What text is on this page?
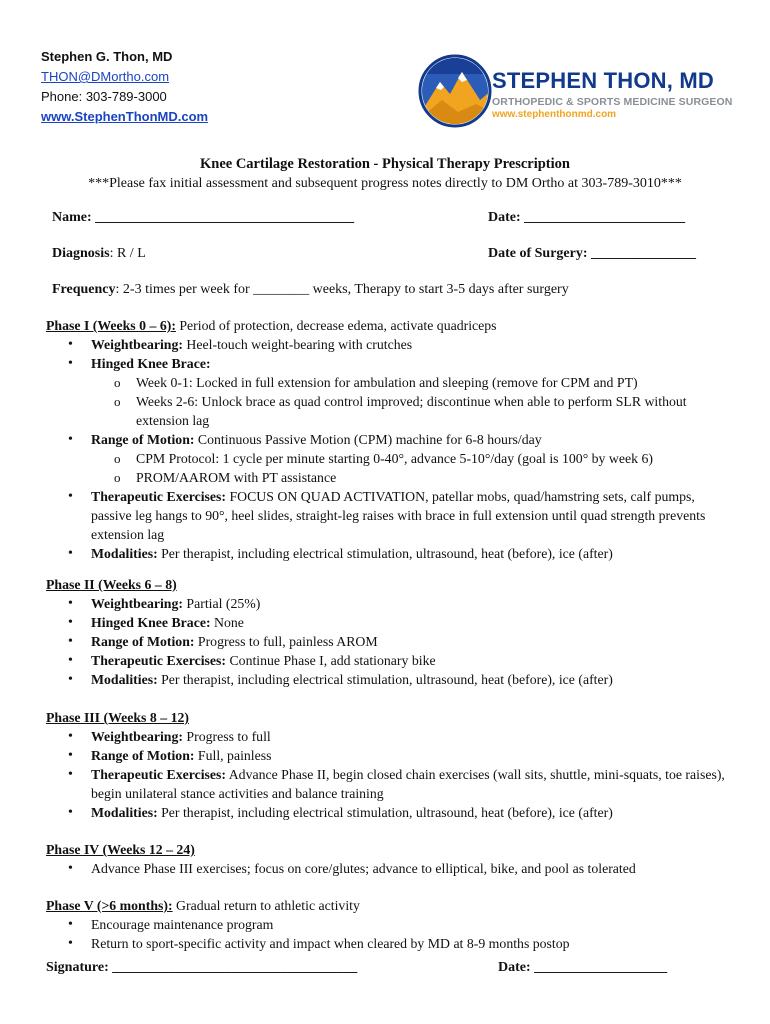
Stephen G. Thon, MD
THON@DMortho.com
Phone: 303-789-3000
www.StephenThonMD.com
STEPHEN THON, MD
ORTHOPEDIC & SPORTS MEDICINE SURGEON
www.stephenthonmd.com
Knee Cartilage Restoration - Physical Therapy Prescription
***Please fax initial assessment and subsequent progress notes directly to DM Ortho at 303-789-3010***
Name: _____________________________________	Date: _______________________
Diagnosis: R / L	Date of Surgery: _______________
Frequency: 2-3 times per week for ________ weeks, Therapy to start 3-5 days after surgery
Phase I (Weeks 0 – 6): Period of protection, decrease edema, activate quadriceps
• Weightbearing: Heel-touch weight-bearing with crutches
• Hinged Knee Brace:
o Week 0-1: Locked in full extension for ambulation and sleeping (remove for CPM and PT)
o Weeks 2-6: Unlock brace as quad control improved; discontinue when able to perform SLR without extension lag
• Range of Motion: Continuous Passive Motion (CPM) machine for 6-8 hours/day
o CPM Protocol: 1 cycle per minute starting 0-40°, advance 5-10°/day (goal is 100° by week 6)
o PROM/AAROM with PT assistance
• Therapeutic Exercises: FOCUS ON QUAD ACTIVATION, patellar mobs, quad/hamstring sets, calf pumps, passive leg hangs to 90°, heel slides, straight-leg raises with brace in full extension until quad strength prevents extension lag
• Modalities: Per therapist, including electrical stimulation, ultrasound, heat (before), ice (after)
Phase II (Weeks 6 – 8)
• Weightbearing: Partial (25%)
• Hinged Knee Brace: None
• Range of Motion: Progress to full, painless AROM
• Therapeutic Exercises: Continue Phase I, add stationary bike
• Modalities: Per therapist, including electrical stimulation, ultrasound, heat (before), ice (after)
Phase III (Weeks 8 – 12)
• Weightbearing: Progress to full
• Range of Motion: Full, painless
• Therapeutic Exercises: Advance Phase II, begin closed chain exercises (wall sits, shuttle, mini-squats, toe raises), begin unilateral stance activities and balance training
• Modalities: Per therapist, including electrical stimulation, ultrasound, heat (before), ice (after)
Phase IV (Weeks 12 – 24)
• Advance Phase III exercises; focus on core/glutes; advance to elliptical, bike, and pool as tolerated
Phase V (>6 months): Gradual return to athletic activity
• Encourage maintenance program
• Return to sport-specific activity and impact when cleared by MD at 8-9 months postop
Signature: ___________________________________	Date: ___________________
